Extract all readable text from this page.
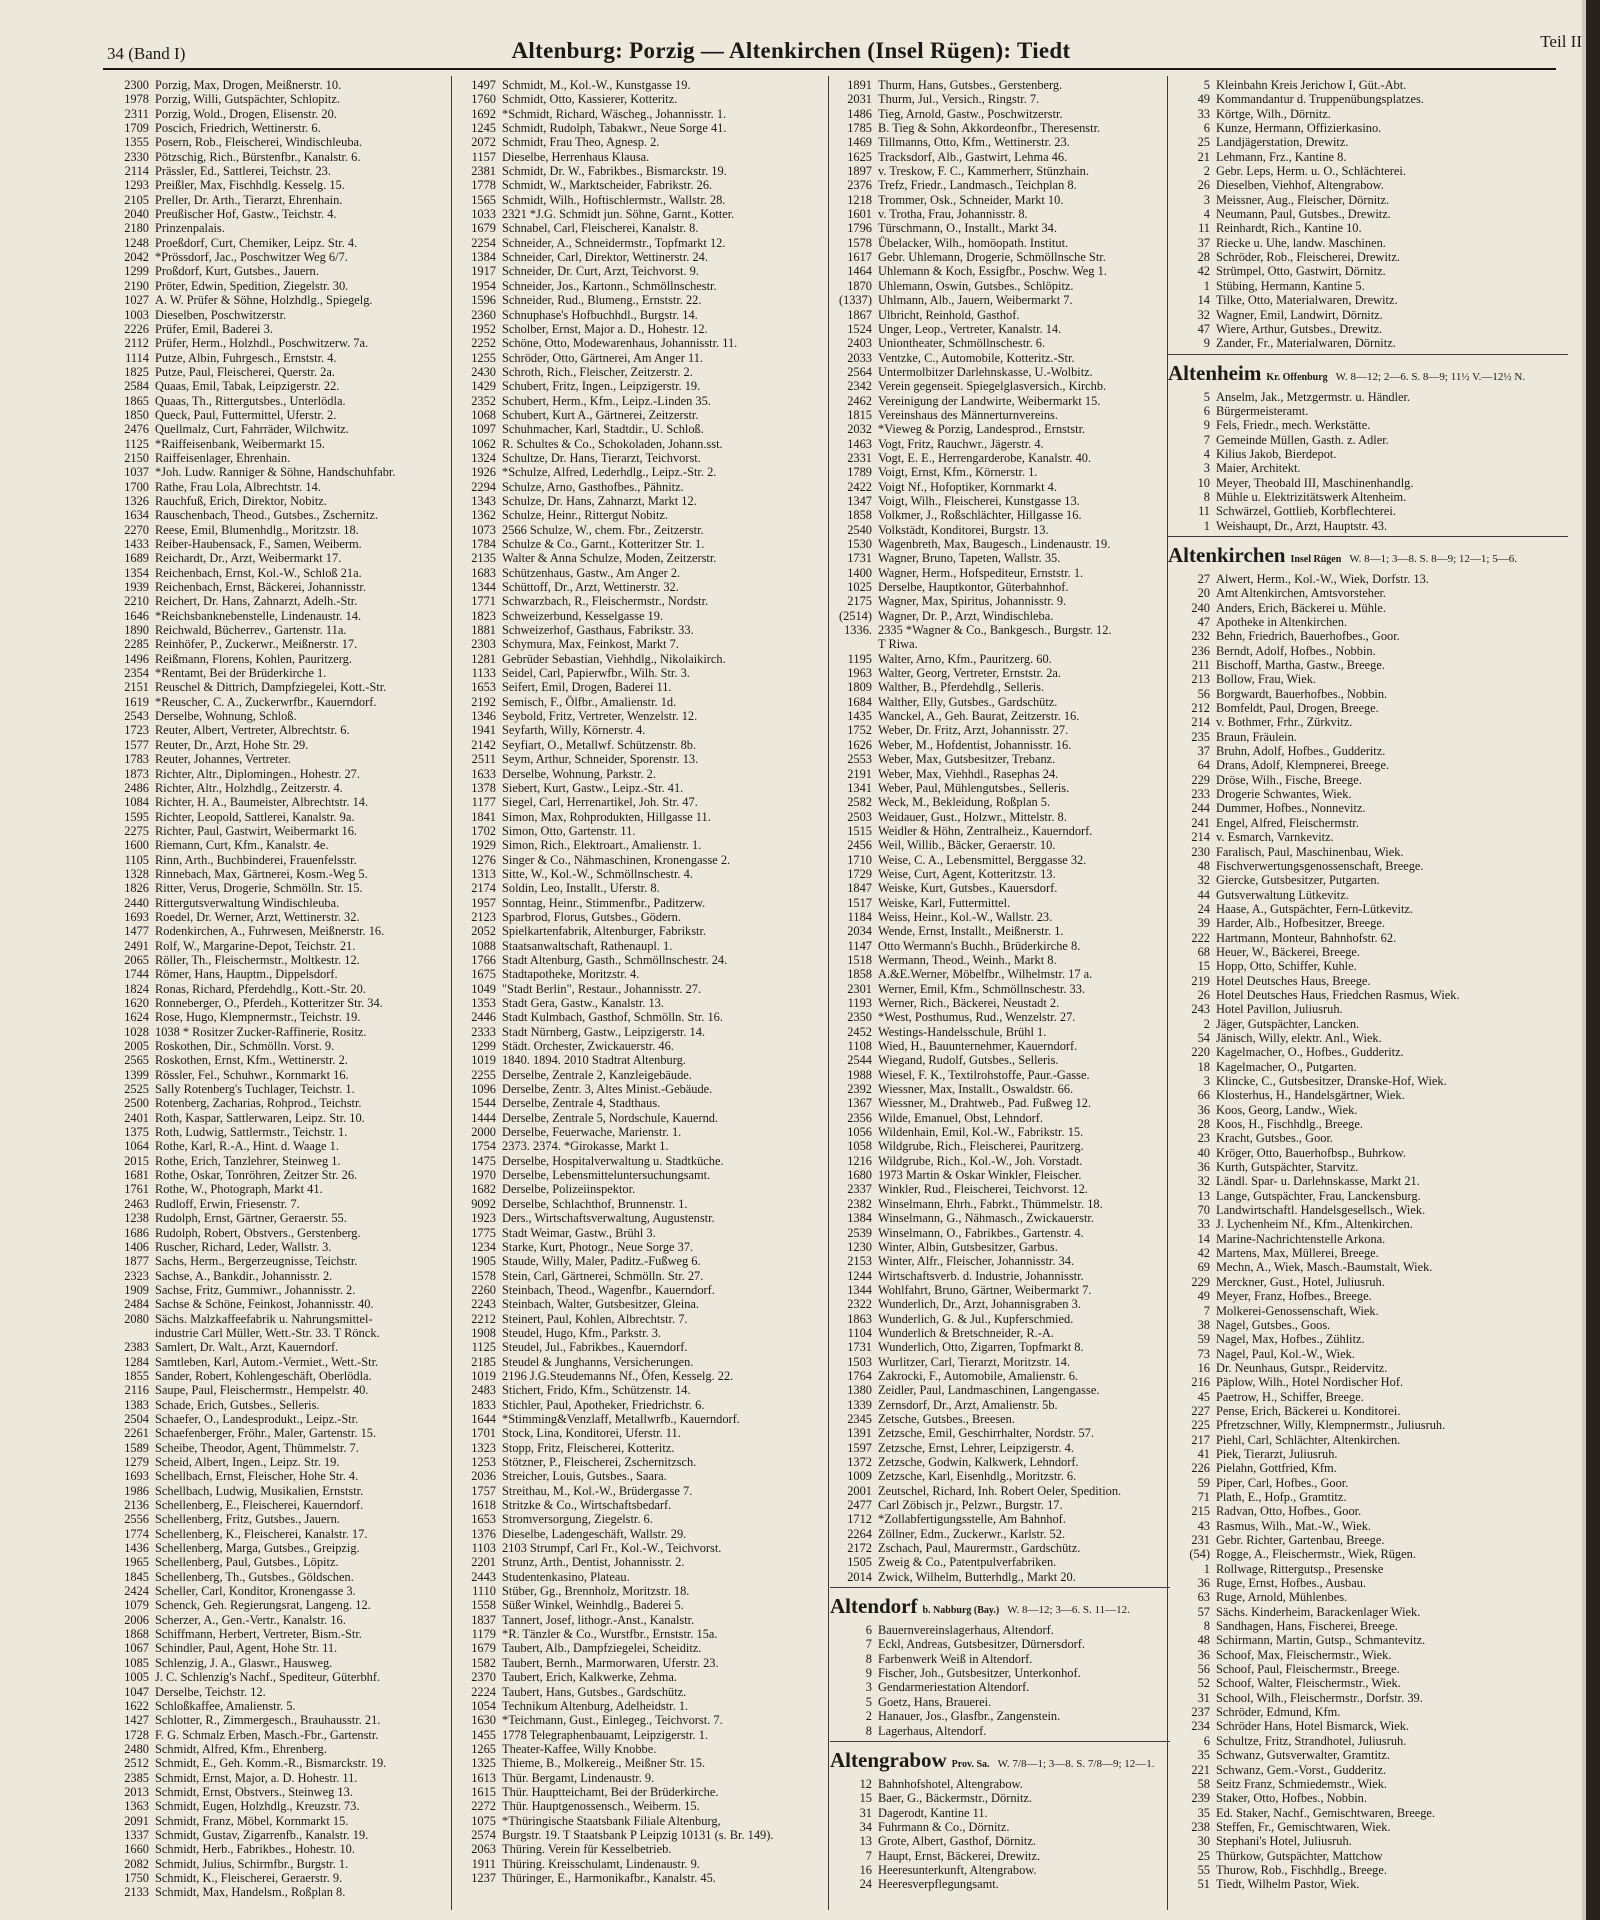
34 (Band I)	Altenburg: Porzig — Altenkirchen (Insel Rügen): Tiedt	Teil II
2300 Porzig, Max, Drogen, Meißnerstr. 10.
1978 Porzig, Willi, Gutspächter, Schlopitz.
2311 Porzig, Wold., Drogen, Elisenstr. 20.
1709 Poscich, Friedrich, Wettinerstr. 6.
1355 Posern, Rob., Fleischerei, Windischleuba.
2330 Pötzschig, Rich., Bürstenfbr., Kanalstr. 6.
2114 Prässler, Ed., Sattlerei, Teichstr. 23.
1293 Preißler, Max, Fischhdlg. Kesselg. 15.
2105 Preller, Dr. Arth., Tierarzt, Ehrenhain.
2040 Preußischer Hof, Gastw., Teichstr. 4.
2180 Prinzenpalais.
1248 Proeßdorf, Curt, Chemiker, Leipz. Str. 4.
2042 *Prössdorf, Jac., Poschwitzer Weg 6/7.
1299 Proßdorf, Kurt, Gutsbes., Jauern.
2190 Pröter, Edwin, Spedition, Ziegelstr. 30.
1027 A. W. Prüfer & Söhne, Holzhdlg., Spiegelg.
1003 Dieselben, Poschwitzerstr.
2226 Prüfer, Emil, Baderei 3.
2112 Prüfer, Herm., Holzhdl., Poschwitzerw. 7a.
1114 Putze, Albin, Fuhrgesch., Ernststr. 4.
1825 Putze, Paul, Fleischerei, Querstr. 2a.
2584 Quaas, Emil, Tabak, Leipzigerstr. 22.
1865 Quaas, Th., Rittergutsbes., Unterlödla.
1850 Queck, Paul, Futtermittel, Uferstr. 2.
2476 Quellmalz, Curt, Fahrräder, Wilchwitz.
1125 *Raiffeisenbank, Weibermarkt 15.
2150 Raiffeisenlager, Ehrenhain.
1037 *Joh. Ludw. Ranniger & Söhne, Handschuhfabr.
1700 Rathe, Frau Lola, Albrechtstr. 14.
1326 Rauchfuß, Erich, Direktor, Nobitz.
1634 Rauschenbach, Theod., Gutsbes., Zschernitz.
2270 Reese, Emil, Blumenhdlg., Moritzstr. 18.
1433 Reiber-Haubensack, F., Samen, Weiberm.
1689 Reichardt, Dr., Arzt, Weibermarkt 17.
1354 Reichenbach, Ernst, Kol.-W., Schloß 21a.
1939 Reichenbach, Ernst, Bäckerei, Johannisstr.
2210 Reichert, Dr. Hans, Zahnarzt, Adelh.-Str.
1646 *Reichsbanknebenstelle, Lindenaustr. 14.
1890 Reichwald, Bücherrev., Gartenstr. 11a.
2285 Reinhöfer, P., Zuckerwr., Meißnerstr. 17.
1496 Reißmann, Florens, Kohlen, Pauritzerg.
2354 *Rentamt, Bei der Brüderkirche 1.
2151 Reuschel & Dittrich, Dampfziegelei, Kott.-Str.
1619 *Reuscher, C. A., Zuckerwrfbr., Kauerndorf.
2543 Derselbe, Wohnung, Schloß.
1723 Reuter, Albert, Vertreter, Albrechtstr. 6.
1577 Reuter, Dr., Arzt, Hohe Str. 29.
1783 Reuter, Johannes, Vertreter.
1873 Richter, Altr., Diplomingen., Hohestr. 27.
2486 Richter, Altr., Holzhdlg., Zeitzerstr. 4.
1084 Richter, H. A., Baumeister, Albrechtstr. 14.
1595 Richter, Leopold, Sattlerei, Kanalstr. 9a.
2275 Richter, Paul, Gastwirt, Weibermarkt 16.
1600 Riemann, Curt, Kfm., Kanalstr. 4e.
1105 Rinn, Arth., Buchbinderei, Frauenfelsstr.
1328 Rinnebach, Max, Gärtnerei, Kosm.-Weg 5.
1826 Ritter, Verus, Drogerie, Schmölln. Str. 15.
2440 Rittergutsverwaltung Windischleuba.
1693 Roedel, Dr. Werner, Arzt, Wettinerstr. 32.
1477 Rodenkirchen, A., Fuhrwesen, Meißnerstr. 16.
2491 Rolf, W., Margarine-Depot, Teichstr. 21.
2065 Röller, Th., Fleischermstr., Moltkestr. 12.
1744 Römer, Hans, Hauptm., Dippelsdorf.
1824 Ronas, Richard, Pferdehdlg., Kott.-Str. 20.
1620 Ronneberger, O., Pferdeh., Kotteritzer Str. 34.
1624 Rose, Hugo, Klempnermstr., Teichstr. 19.
1028 1038 * Rositzer Zucker-Raffinerie, Rositz.
2005 Roskothen, Dir., Schmölln. Vorst. 9.
2565 Roskothen, Ernst, Kfm., Wettinerstr. 2.
1399 Rössler, Fel., Schuhwr., Kornmarkt 16.
2525 Sally Rotenberg's Tuchlager, Teichstr. 1.
2500 Rotenberg, Zacharias, Rohprod., Teichstr.
2401 Roth, Kaspar, Sattlerwaren, Leipz. Str. 10.
1375 Roth, Ludwig, Sattlermstr., Teichstr. 1.
1064 Rothe, Karl, R.-A., Hint. d. Waage 1.
2015 Rothe, Erich, Tanzlehrer, Steinweg 1.
1681 Rothe, Oskar, Tonröhren, Zeitzer Str. 26.
1761 Rothe, W., Photograph, Markt 41.
2463 Rudloff, Erwin, Friesenstr. 7.
1238 Rudolph, Ernst, Gärtner, Geraerstr. 55.
1686 Rudolph, Robert, Obstvers., Gerstenberg.
1406 Ruscher, Richard, Leder, Wallstr. 3.
1877 Sachs, Herm., Bergerzeugnisse, Teichstr.
2323 Sachse, A., Bankdir., Johannisstr. 2.
1909 Sachse, Fritz, Gummiwr., Johannisstr. 2.
2484 Sachse & Schöne, Feinkost, Johannisstr. 40.
2080 Sächs. Malzkaffeefabrik u. Nahrungsmittel-
industrie Carl Müller, Wett.-Str. 33. T Rönck.
2383 Samlert, Dr. Walt., Arzt, Kauerndorf.
1284 Samtleben, Karl, Autom.-Vermiet., Wett.-Str.
1855 Sander, Robert, Kohlengeschäft, Oberlödla.
2116 Saupe, Paul, Fleischermstr., Hempelstr. 40.
1383 Schade, Erich, Gutsbes., Selleris.
2504 Schaefer, O., Landesprodukt., Leipz.-Str.
2261 Schaefenberger, Fröhr., Maler, Gartenstr. 15.
1589 Scheibe, Theodor, Agent, Thümmelstr. 7.
1279 Scheid, Albert, Ingen., Leipz. Str. 19.
1693 Schellbach, Ernst, Fleischer, Hohe Str. 4.
1986 Schellbach, Ludwig, Musikalien, Ernststr.
2136 Schellenberg, E., Fleischerei, Kauerndorf.
2556 Schellenberg, Fritz, Gutsbes., Jauern.
1774 Schellenberg, K., Fleischerei, Kanalstr. 17.
1436 Schellenberg, Marga, Gutsbes., Greipzig.
1965 Schellenberg, Paul, Gutsbes., Löpitz.
1845 Schellenberg, Th., Gutsbes., Göldschen.
2424 Scheller, Carl, Konditor, Kronengasse 3.
1079 Schenck, Geh. Regierungsrat, Langeng. 12.
2006 Scherzer, A., Gen.-Vertr., Kanalstr. 16.
1868 Schiffmann, Herbert, Vertreter, Bism.-Str.
1067 Schindler, Paul, Agent, Hohe Str. 11.
1085 Schlenzig, J. A., Glaswr., Hausweg.
1005 J. C. Schlenzig's Nachf., Spediteur, Güterbhf.
1047 Derselbe, Teichstr. 12.
1622 Schloßkaffee, Amalienstr. 5.
1427 Schlotter, R., Zimmergesch., Brauhausstr. 21.
1728 F. G. Schmalz Erben, Masch.-Fbr., Gartenstr.
2480 Schmidt, Alfred, Kfm., Ehrenberg.
2512 Schmidt, E., Geh. Komm.-R., Bismarckstr. 19.
2385 Schmidt, Ernst, Major, a. D. Hohestr. 11.
2013 Schmidt, Ernst, Obstvers., Steinweg 13.
1363 Schmidt, Eugen, Holzhdlg., Kreuzstr. 73.
2091 Schmidt, Franz, Möbel, Kornmarkt 15.
1337 Schmidt, Gustav, Zigarrenfb., Kanalstr. 19.
1660 Schmidt, Herb., Fabrikbes., Hohestr. 10.
2082 Schmidt, Julius, Schirmfbr., Burgstr. 1.
1750 Schmidt, K., Fleischerei, Geraerstr. 9.
2133 Schmidt, Max, Handelsm., Roßplan 8.
1497 Schmidt, M., Kol.-W., Kunstgasse 19.
1760 Schmidt, Otto, Kassierer, Kotteritz.
1692 *Schmidt, Richard, Wäscheg., Johannisstr. 1.
1245 Schmidt, Rudolph, Tabakwr., Neue Sorge 41.
2072 Schmidt, Frau Theo, Agnesp. 2.
1157 Dieselbe, Herrenhaus Klausa.
2381 Schmidt, Dr. W., Fabrikbes., Bismarckstr. 19.
1778 Schmidt, W., Marktscheider, Fabrikstr. 26.
1565 Schmidt, Wilh., Hoftischlermstr., Wallstr. 28.
1033 2321 *J.G. Schmidt jun. Söhne, Garnt., Kotter.
1679 Schnabel, Carl, Fleischerei, Kanalstr. 8.
2254 Schneider, A., Schneidermstr., Topfmarkt 12.
1384 Schneider, Carl, Direktor, Wettinerstr. 24.
1917 Schneider, Dr. Curt, Arzt, Teichvorst. 9.
1954 Schneider, Jos., Kartonn., Schmöllnschestr.
1596 Schneider, Rud., Blumeng., Ernststr. 22.
2360 Schnuphase's Hofbuchhdl., Burgstr. 14.
1952 Scholber, Ernst, Major a. D., Hohestr. 12.
2252 Schöne, Otto, Modewarenhaus, Johannisstr. 11.
1255 Schröder, Otto, Gärtnerei, Am Anger 11.
2430 Schroth, Rich., Fleischer, Zeitzerstr. 2.
1429 Schubert, Fritz, Ingen., Leipzigerstr. 19.
2352 Schubert, Herm., Kfm., Leipz.-Linden 35.
1068 Schubert, Kurt A., Gärtnerei, Zeitzerstr.
1097 Schuhmacher, Karl, Stadtdir., U. Schloß.
1062 R. Schultes & Co., Schokoladen, Johann.sst.
1324 Schultze, Dr. Hans, Tierarzt, Teichvorst.
1926 *Schulze, Alfred, Lederhdlg., Leipz.-Str. 2.
2294 Schulze, Arno, Gasthofbes., Pähnitz.
1343 Schulze, Dr. Hans, Zahnarzt, Markt 12.
1362 Schulze, Heinr., Rittergut Nobitz.
1073 2566 Schulze, W., chem. Fbr., Zeitzerstr.
1784 Schulze & Co., Garnt., Kotteritzer Str. 1.
2135 Walter & Anna Schulze, Moden, Zeitzerstr.
1683 Schützenhaus, Gastw., Am Anger 2.
1344 Schüttoff, Dr., Arzt, Wettinerstr. 32.
1771 Schwarzbach, R., Fleischermstr., Nordstr.
1823 Schweizerbund, Kesselgasse 19.
1881 Schweizerhof, Gasthaus, Fabrikstr. 33.
2303 Schymura, Max, Feinkost, Markt 7.
1281 Gebrüder Sebastian, Viehhdlg., Nikolaikirch.
1133 Seidel, Carl, Papierwfbr., Wilh. Str. 3.
1653 Seifert, Emil, Drogen, Baderei 11.
2192 Semisch, F., Ölfbr., Amalienstr. 1d.
1346 Seybold, Fritz, Vertreter, Wenzelstr. 12.
1941 Seyfarth, Willy, Körnerstr. 4.
2142 Seyfiart, O., Metallwf. Schützenstr. 8b.
2511 Seym, Arthur, Schneider, Sporenstr. 13.
1633 Derselbe, Wohnung, Parkstr. 2.
1378 Siebert, Kurt, Gastw., Leipz.-Str. 41.
1177 Siegel, Carl, Herrenartikel, Joh. Str. 47.
1841 Simon, Max, Rohprodukten, Hillgasse 11.
1702 Simon, Otto, Gartenstr. 11.
1929 Simon, Rich., Elektroart., Amalienstr. 1.
1276 Singer & Co., Nähmaschinen, Kronengasse 2.
1313 Sitte, W., Kol.-W., Schmöllnschestr. 4.
2174 Soldin, Leo, Installt., Uferstr. 8.
1957 Sonntag, Heinr., Stimmenfbr., Paditzerw.
2123 Sparbrod, Florus, Gutsbes., Gödern.
2052 Spielkartenfabrik, Altenburger, Fabrikstr.
1088 Staatsanwaltschaft, Rathenaupl. 1.
1766 Stadt Altenburg, Gasth., Schmöllnschestr. 24.
1675 Stadtapotheke, Moritzstr. 4.
1049 "Stadt Berlin", Restaur., Johannisstr. 27.
1353 Stadt Gera, Gastw., Kanalstr. 13.
2446 Stadt Kulmbach, Gasthof, Schmölln. Str. 16.
2333 Stadt Nürnberg, Gastw., Leipzigerstr. 14.
1299 Städt. Orchester, Zwickauerstr. 46.
1019 1840. 1894. 2010 Stadtrat Altenburg.
2255 Derselbe, Zentrale 2, Kanzleigebäude.
1096 Derselbe, Zentr. 3, Altes Minist.-Gebäude.
1544 Derselbe, Zentrale 4, Stadthaus.
1444 Derselbe, Zentrale 5, Nordschule, Kauernd.
2000 Derselbe, Feuerwache, Marienstr. 1.
1754 2373. 2374. *Girokasse, Markt 1.
1475 Derselbe, Hospitalverwaltung u. Stadtküche.
1970 Derselbe, Lebensmitteluntersuchungsamt.
1682 Derselbe, Polizeiinspektor.
9092 Derselbe, Schlachthof, Brunnenstr. 1.
1923 Ders., Wirtschaftsverwaltung, Augustenstr.
1775 Stadt Weimar, Gastw., Brühl 3.
1234 Starke, Kurt, Photogr., Neue Sorge 37.
1905 Staude, Willy, Maler, Paditz.-Fußweg 6.
1578 Stein, Carl, Gärtnerei, Schmölln. Str. 27.
2260 Steinbach, Theod., Wagenfbr., Kauerndorf.
2243 Steinbach, Walter, Gutsbesitzer, Gleina.
2212 Steinert, Paul, Kohlen, Albrechtstr. 7.
1908 Steudel, Hugo, Kfm., Parkstr. 3.
1125 Steudel, Jul., Fabrikbes., Kauerndorf.
2185 Steudel & Junghanns, Versicherungen.
1019 2196 J.G.Steudemanns Nf., Öfen, Kesselg. 22.
2483 Stichert, Frido, Kfm., Schützenstr. 14.
1833 Stichler, Paul, Apotheker, Friedrichstr. 6.
1644 *Stimming&Venzlaff, Metallwrfb., Kauerndorf.
1701 Stock, Lina, Konditorei, Uferstr. 11.
1323 Stopp, Fritz, Fleischerei, Kotteritz.
1253 Stötzner, P., Fleischerei, Zschernitzsch.
2036 Streicher, Louis, Gutsbes., Saara.
1757 Streithau, M., Kol.-W., Brüdergasse 7.
1618 Stritzke & Co., Wirtschaftsbedarf.
1653 Stromversorgung, Ziegelstr. 6.
1376 Dieselbe, Ladengeschäft, Wallstr. 29.
1103 2103 Strumpf, Carl Fr., Kol.-W., Teichvorst.
2201 Strunz, Arth., Dentist, Johannisstr. 2.
2443 Studentenkasino, Plateau.
1110 Stüber, Gg., Brennholz, Moritzstr. 18.
1558 Süßer Winkel, Weinhdlg., Baderei 5.
1837 Tannert, Josef, lithogr.-Anst., Kanalstr.
1179 *R. Tänzler & Co., Wurstfbr., Ernststr. 15a.
1679 Taubert, Alb., Dampfziegelei, Scheiditz.
1582 Taubert, Bernh., Marmorwaren, Uferstr. 23.
2370 Taubert, Erich, Kalkwerke, Zehma.
2224 Taubert, Hans, Gutsbes., Gardschütz.
1054 Technikum Altenburg, Adelheidstr. 1.
1630 *Teichmann, Gust., Einlegeg., Teichvorst. 7.
1455 1778 Telegraphenbauamt, Leipzigerstr. 1.
1265 Theater-Kaffee, Willy Knobbe.
1325 Thieme, B., Molkereig., Meißner Str. 15.
1613 Thür. Bergamt, Lindenaustr. 9.
1615 Thür. Hauptteichamt, Bei der Brüderkirche.
2272 Thür. Hauptgenossensch., Weiberm. 15.
1075 *Thüringische Staatsbank Filiale Altenburg,
2574 Burgstr. 19. T Staatsbank P Leipzig 10131 (s. Br. 149).
2063 Thüring. Verein für Kesselbetrieb.
1911 Thüring. Kreisschulamt, Lindenaustr. 9.
1237 Thüringer, E., Harmonikafbr., Kanalstr. 45.
1891 Thurm, Hans, Gutsbes., Gerstenberg.
2031 Thurm, Jul., Versich., Ringstr. 7.
1486 Tieg, Arnold, Gastw., Poschwitzerstr.
1785 B. Tieg & Sohn, Akkordeonfbr., Theresenstr.
1469 Tillmanns, Otto, Kfm., Wettinerstr. 23.
1625 Tracksdorf, Alb., Gastwirt, Lehma 46.
1897 v. Treskow, F. C., Kammerherr, Stünzhain.
2376 Trefz, Friedr., Landmasch., Teichplan 8.
1218 Trommer, Osk., Schneider, Markt 10.
1601 v. Trotha, Frau, Johannisstr. 8.
1796 Türschmann, O., Installt., Markt 34.
1578 Übelacker, Wilh., homöopath. Institut.
1617 Gebr. Uhlemann, Drogerie, Schmöllnsche Str.
1464 Uhlemann & Koch, Essigfbr., Poschw. Weg 1.
1870 Uhlemann, Oswin, Gutsbes., Schlöpitz.
(1337) Uhlmann, Alb., Jauern, Weibermarkt 7.
1867 Ulbricht, Reinhold, Gasthof.
1524 Unger, Leop., Vertreter, Kanalstr. 14.
2403 Uniontheater, Schmöllnschestr. 6.
2033 Ventzke, C., Automobile, Kotteritz.-Str.
2564 Untermolbitzer Darlehnskasse, U.-Wolbitz.
2342 Verein gegenseit. Spiegelglasversich., Kirchb.
2462 Vereinigung der Landwirte, Weibermarkt 15.
1815 Vereinshaus des Männerturnvereins.
2032 *Vieweg & Porzig, Landesprod., Ernststr.
1463 Vogt, Fritz, Rauchwr., Jägerstr. 4.
2331 Vogt, E. E., Herrengarderobe, Kanalstr. 40.
1789 Voigt, Ernst, Kfm., Körnerstr. 1.
2422 Voigt Nf., Hofoptiker, Kornmarkt 4.
1347 Voigt, Wilh., Fleischerei, Kunstgasse 13.
1858 Volkmer, J., Roßschlächter, Hillgasse 16.
2540 Volkstädt, Konditorei, Burgstr. 13.
1530 Wagenbreth, Max, Baugesch., Lindenaustr. 19.
1731 Wagner, Bruno, Tapeten, Wallstr. 35.
1400 Wagner, Herm., Hofspediteur, Ernststr. 1.
1025 Derselbe, Hauptkontor, Güterbahnhof.
2175 Wagner, Max, Spiritus, Johannisstr. 9.
(2514) Wagner, Dr. P., Arzt, Windischleba.
1336. 2335 *Wagner & Co., Bankgesch., Burgstr. 12.
T Riwa.
1195 Walter, Arno, Kfm., Pauritzerg. 60.
1963 Walter, Georg, Vertreter, Ernststr. 2a.
1809 Walther, B., Pferdehdlg., Selleris.
1684 Walther, Elly, Gutsbes., Gardschütz.
1435 Wanckel, A., Geh. Baurat, Zeitzerstr. 16.
1752 Weber, Dr. Fritz, Arzt, Johannisstr. 27.
1626 Weber, M., Hofdentist, Johannisstr. 16.
2553 Weber, Max, Gutsbesitzer, Trebanz.
2191 Weber, Max, Viehhdl., Rasephas 24.
1341 Weber, Paul, Mühlengutsbes., Selleris.
2582 Weck, M., Bekleidung, Roßplan 5.
2503 Weidauer, Gust., Holzwr., Mittelstr. 8.
1515 Weidler & Höhn, Zentralheiz., Kauerndorf.
2456 Weil, Willib., Bäcker, Geraerstr. 10.
1710 Weise, C. A., Lebensmittel, Berggasse 32.
1729 Weise, Curt, Agent, Kotteritzstr. 13.
1847 Weiske, Kurt, Gutsbes., Kauersdorf.
1517 Weiske, Karl, Futtermittel.
1184 Weiss, Heinr., Kol.-W., Wallstr. 23.
2034 Wende, Ernst, Installt., Meißnerstr. 1.
1147 Otto Wermann's Buchh., Brüderkirche 8.
1518 Wermann, Theod., Weinh., Markt 8.
1858 A.&E.Werner, Möbelfbr., Wilhelmstr. 17 a.
2301 Werner, Emil, Kfm., Schmöllnschestr. 33.
1193 Werner, Rich., Bäckerei, Neustadt 2.
2350 *West, Posthumus, Rud., Wenzelstr. 27.
2452 Westings-Handelsschule, Brühl 1.
1108 Wied, H., Bauunternehmer, Kauerndorf.
2544 Wiegand, Rudolf, Gutsbes., Selleris.
1988 Wiesel, F. K., Textilrohstoffe, Paur.-Gasse.
2392 Wiessner, Max, Installt., Oswaldstr. 66.
1367 Wiessner, M., Drahtweb., Pad. Fußweg 12.
2356 Wilde, Emanuel, Obst, Lehndorf.
1056 Wildenhain, Emil, Kol.-W., Fabrikstr. 15.
1058 Wildgrube, Rich., Fleischerei, Pauritzerg.
1216 Wildgrube, Rich., Kol.-W., Joh. Vorstadt.
1680 1973 Martin & Oskar Winkler, Fleischer.
2337 Winkler, Rud., Fleischerei, Teichvorst. 12.
2382 Winselmann, Ehrh., Fabrkt., Thümmelstr. 18.
1384 Winselmann, G., Nähmasch., Zwickauerstr.
2539 Winselmann, O., Fabrikbes., Gartenstr. 4.
1230 Winter, Albin, Gutsbesitzer, Garbus.
2153 Winter, Alfr., Fleischer, Johannisstr. 34.
1244 Wirtschaftsverb. d. Industrie, Johannisstr.
1344 Wohlfahrt, Bruno, Gärtner, Weibermarkt 7.
2322 Wunderlich, Dr., Arzt, Johannisgraben 3.
1863 Wunderlich, G. & Jul., Kupferschmied.
1104 Wunderlich & Bretschneider, R.-A.
1731 Wunderlich, Otto, Zigarren, Topfmarkt 8.
1503 Wurlitzer, Carl, Tierarzt, Moritzstr. 14.
1764 Zakrocki, F., Automobile, Amalienstr. 6.
1380 Zeidler, Paul, Landmaschinen, Langengasse.
1339 Zernsdorf, Dr., Arzt, Amalienstr. 5b.
2345 Zetsche, Gutsbes., Breesen.
1391 Zetzsche, Emil, Geschirrhalter, Nordstr. 57.
1597 Zetzsche, Ernst, Lehrer, Leipzigerstr. 4.
1372 Zetzsche, Godwin, Kalkwerk, Lehndorf.
1009 Zetzsche, Karl, Eisenhdlg., Moritzstr. 6.
2001 Zeutschel, Richard, Inh. Robert Oeler, Spedition.
2477 Carl Zöbisch jr., Pelzwr., Burgstr. 17.
1712 *Zollabfertigungsstelle, Am Bahnhof.
2264 Zöllner, Edm., Zuckerwr., Karlstr. 52.
2172 Zschach, Paul, Maurermstr., Gardschütz.
1505 Zweig & Co., Patentpulverfabriken.
2014 Zwick, Wilhelm, Butterhdlg., Markt 20.
Altendorf b. Nabburg (Bay.) W. 8—12; 3—6. S. 11—12.
6 Bauernvereinslagerhaus, Altendorf.
7 Eckl, Andreas, Gutsbesitzer, Dürnersdorf.
8 Farbenwerk Weiß in Altendorf.
9 Fischer, Joh., Gutsbesitzer, Unterkonhof.
3 Gendarmeriestation Altendorf.
5 Goetz, Hans, Brauerei.
2 Hanauer, Jos., Glasfbr., Zangenstein.
8 Lagerhaus, Altendorf.
Altengrabow Prov. Sa. W. 7/8—1; 3—8. S. 7/8—9; 12—1.
12 Bahnhofshotel, Altengrabow.
15 Baer, G., Bäckermstr., Dörnitz.
31 Dagerodt, Kantine 11.
34 Fuhrmann & Co., Dörnitz.
13 Grote, Albert, Gasthof, Dörnitz.
7 Haupt, Ernst, Bäckerei, Drewitz.
16 Heeresunterkunft, Altengrabow.
24 Heeresverpflegungsamt.
5 Kleinbahn Kreis Jerichow I, Güt.-Abt.
49 Kommandantur d. Truppenübungsplatzes.
33 Körtge, Wilh., Dörnitz.
6 Kunze, Hermann, Offizierkasino.
25 Landjägerstation, Drewitz.
21 Lehmann, Frz., Kantine 8.
2 Gebr. Leps, Herm. u. O., Schlächterei.
26 Dieselben, Viehhof, Altengrabow.
3 Meissner, Aug., Fleischer, Dörnitz.
4 Neumann, Paul, Gutsbes., Drewitz.
11 Reinhardt, Rich., Kantine 10.
37 Riecke u. Uhe, landw. Maschinen.
28 Schröder, Rob., Fleischerei, Drewitz.
42 Strümpel, Otto, Gastwirt, Dörnitz.
1 Stübing, Hermann, Kantine 5.
14 Tilke, Otto, Materialwaren, Drewitz.
32 Wagner, Emil, Landwirt, Dörnitz.
47 Wiere, Arthur, Gutsbes., Drewitz.
9 Zander, Fr., Materialwaren, Dörnitz.
Altenheim Kr. Offenburg W. 8—12; 2—6. S. 8—9; 11½ V.—12½ N.
5 Anselm, Jak., Metzgermstr. u. Händler.
6 Bürgermeisteramt.
9 Fels, Friedr., mech. Werkstätte.
7 Gemeinde Müllen, Gasth. z. Adler.
4 Kilius Jakob, Bierdepot.
3 Maier, Architekt.
10 Meyer, Theobald III, Maschinenhandlg.
8 Mühle u. Elektrizitätswerk Altenheim.
11 Schwärzel, Gottlieb, Korbflechterei.
1 Weishaupt, Dr., Arzt, Hauptstr. 43.
Altenkirchen Insel Rügen W. 8—1; 3—8. S. 8—9; 12—1; 5—6.
27 Alwert, Herm., Kol.-W., Wiek, Dorfstr. 13.
20 Amt Altenkirchen, Amtsvorsteher.
240 Anders, Erich, Bäckerei u. Mühle.
47 Apotheke in Altenkirchen.
232 Behn, Friedrich, Bauerhofbes., Goor.
236 Berndt, Adolf, Hofbes., Nobbin.
211 Bischoff, Martha, Gastw., Breege.
213 Bollow, Frau, Wiek.
56 Borgwardt, Bauerhofbes., Nobbin.
212 Bomfeldt, Paul, Drogen, Breege.
214 v. Bothmer, Frhr., Zürkvitz.
235 Braun, Fräulein.
37 Bruhn, Adolf, Hofbes., Gudderitz.
64 Drans, Adolf, Klempnerei, Breege.
229 Dröse, Wilh., Fische, Breege.
233 Drogerie Schwantes, Wiek.
244 Dummer, Hofbes., Nonnevitz.
241 Engel, Alfred, Fleischermstr.
214 v. Esmarch, Varnkevitz.
230 Faralisch, Paul, Maschinenbau, Wiek.
48 Fischverwertungsgenossenschaft, Breege.
32 Giercke, Gutsbesitzer, Putgarten.
44 Gutsverwaltung Lütkevitz.
24 Haase, A., Gutspächter, Fern-Lütkevitz.
39 Harder, Alb., Hofbesitzer, Breege.
222 Hartmann, Monteur, Bahnhofstr. 62.
68 Heuer, W., Bäckerei, Breege.
15 Hopp, Otto, Schiffer, Kuhle.
219 Hotel Deutsches Haus, Breege.
26 Hotel Deutsches Haus, Friedchen Rasmus, Wiek.
243 Hotel Pavillon, Juliusruh.
2 Jäger, Gutspächter, Lancken.
54 Jänisch, Willy, elektr. Anl., Wiek.
220 Kagelmacher, O., Hofbes., Gudderitz.
18 Kagelmacher, O., Putgarten.
3 Klincke, C., Gutsbesitzer, Dranske-Hof, Wiek.
66 Klosterhus, H., Handelsgärtner, Wiek.
36 Koos, Georg, Landw., Wiek.
28 Koos, H., Fischhdlg., Breege.
23 Kracht, Gutsbes., Goor.
40 Kröger, Otto, Bauerhofbsp., Buhrkow.
36 Kurth, Gutspächter, Starvitz.
32 Ländl. Spar- u. Darlehnskasse, Markt 21.
13 Lange, Gutspächter, Frau, Lanckensburg.
70 Landwirtschaftl. Handelsgesellsch., Wiek.
33 J. Lychenheim Nf., Kfm., Altenkirchen.
14 Marine-Nachrichtenstelle Arkona.
42 Martens, Max, Müllerei, Breege.
69 Mechn, A., Wiek, Masch.-Baumstalt, Wiek.
229 Merckner, Gust., Hotel, Juliusruh.
49 Meyer, Franz, Hofbes., Breege.
7 Molkerei-Genossenschaft, Wiek.
38 Nagel, Gutsbes., Goos.
59 Nagel, Max, Hofbes., Zühlitz.
73 Nagel, Paul, Kol.-W., Wiek.
16 Dr. Neunhaus, Gutspr., Reidervitz.
216 Päplow, Wilh., Hotel Nordischer Hof.
45 Paetrow, H., Schiffer, Breege.
227 Pense, Erich, Bäckerei u. Konditorei.
225 Pfretzschner, Willy, Klempnermstr., Juliusruh.
217 Piehl, Carl, Schlächter, Altenkirchen.
41 Piek, Tierarzt, Juliusruh.
226 Pielahn, Gottfried, Kfm.
59 Piper, Carl, Hofbes., Goor.
71 Plath, E., Hofp., Gramtitz.
215 Radvan, Otto, Hofbes., Goor.
43 Rasmus, Wilh., Mat.-W., Wiek.
231 Gebr. Richter, Gartenbau, Breege.
(54) Rogge, A., Fleischermstr., Wiek, Rügen.
1 Rollwage, Rittergutsp., Presenske
36 Ruge, Ernst, Hofbes., Ausbau.
63 Ruge, Arnold, Mühlenbes.
57 Sächs. Kinderheim, Barackenlager Wiek.
8 Sandhagen, Hans, Fischerei, Breege.
48 Schirmann, Martin, Gutsp., Schmantevitz.
36 Schoof, Max, Fleischermstr., Wiek.
56 Schoof, Paul, Fleischermstr., Breege.
52 Schoof, Walter, Fleischermstr., Wiek.
31 School, Wilh., Fleischermstr., Dorfstr. 39.
237 Schröder, Edmund, Kfm.
234 Schröder Hans, Hotel Bismarck, Wiek.
6 Schultze, Fritz, Strandhotel, Juliusruh.
35 Schwanz, Gutsverwalter, Gramtitz.
221 Schwanz, Gem.-Vorst., Gudderitz.
58 Seitz Franz, Schmiedemstr., Wiek.
239 Staker, Otto, Hofbes., Nobbin.
35 Ed. Staker, Nachf., Gemischtwaren, Breege.
238 Steffen, Fr., Gemischtwaren, Wiek.
30 Stephani's Hotel, Juliusruh.
25 Thürkow, Gutspächter, Mattchow
55 Thurow, Rob., Fischhdlg., Breege.
51 Tiedt, Wilhelm Pastor, Wiek.
